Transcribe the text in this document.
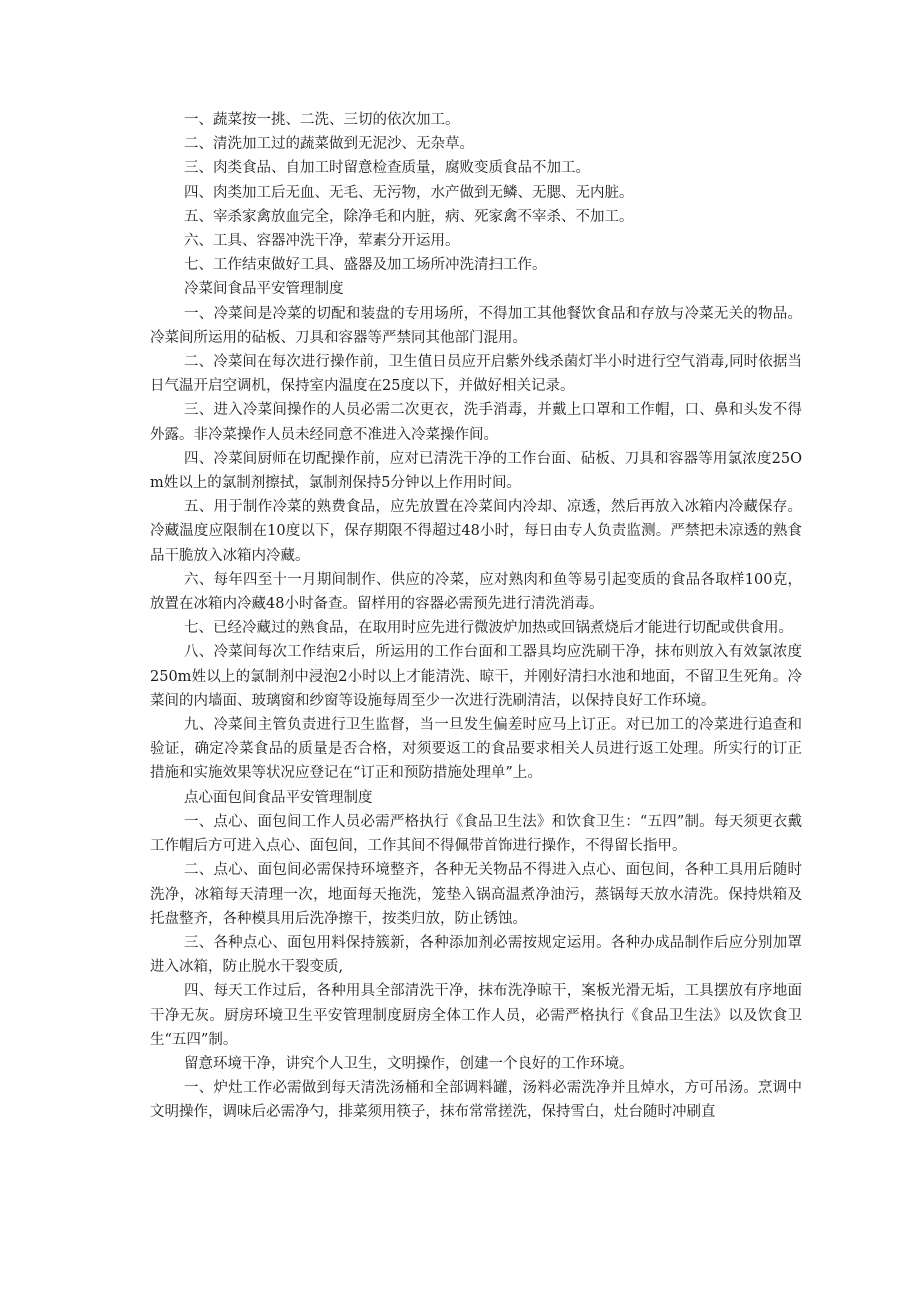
一、蔬菜按一挑、二洗、三切的依次加工。

二、清洗加工过的蔬菜做到无泥沙、无杂草。

三、肉类食品、自加工时留意检查质量，腐败变质食品不加工。

四、肉类加工后无血、无毛、无污物，水产做到无鳞、无腮、无内脏。

五、宰杀家禽放血完全，除净毛和内脏，病、死家禽不宰杀、不加工。

六、工具、容器冲洗干净，荤素分开运用。

七、工作结束做好工具、盛器及加工场所冲洗清扫工作。

冷菜间食品平安管理制度

一、冷菜间是冷菜的切配和装盘的专用场所，不得加工其他餐饮食品和存放与冷菜无关的物品。冷菜间所运用的砧板、刀具和容器等严禁同其他部门混用。

二、冷菜间在每次进行操作前，卫生值日员应开启紫外线杀菌灯半小时进行空气消毒,同时依据当日气温开启空调机，保持室内温度在25度以下，并做好相关记录。

三、进入冷菜间操作的人员必需二次更衣，洗手消毒，并戴上口罩和工作帽，口、鼻和头发不得外露。非冷菜操作人员未经同意不准进入冷菜操作间。

四、冷菜间厨师在切配操作前，应对已清洗干净的工作台面、砧板、刀具和容器等用氯浓度25Om姓以上的氯制剂擦拭，氯制剂保持5分钟以上作用时间。

五、用于制作冷菜的熟费食品，应先放置在冷菜间内冷却、凉透，然后再放入冰箱内冷藏保存。冷藏温度应限制在10度以下，保存期限不得超过48小时，每日由专人负责监测。严禁把未凉透的熟食品干脆放入冰箱内冷藏。

六、每年四至十一月期间制作、供应的冷菜，应对熟肉和鱼等易引起变质的食品各取样100克，放置在冰箱内冷藏48小时备查。留样用的容器必需预先进行清洗消毒。

七、已经冷藏过的熟食品，在取用时应先进行微波炉加热或回锅煮烧后才能进行切配或供食用。

八、冷菜间每次工作结束后，所运用的工作台面和工器具均应洗刷干净，抹布则放入有效氯浓度250m姓以上的氯制剂中浸泡2小时以上才能清洗、晾干，并刚好清扫水池和地面，不留卫生死角。冷菜间的内墙面、玻璃窗和纱窗等设施每周至少一次进行洗刷清洁，以保持良好工作环境。

九、冷菜间主管负责进行卫生监督，当一旦发生偏差时应马上订正。对已加工的冷菜进行追查和验证，确定冷菜食品的质量是否合格，对须要返工的食品要求相关人员进行返工处理。所实行的订正措施和实施效果等状况应登记在“订正和预防措施处理单”上。

点心面包间食品平安管理制度

一、点心、面包间工作人员必需严格执行《食品卫生法》和饮食卫生：“五四”制。每天须更衣戴工作帽后方可进入点心、面包间，工作其间不得佩带首饰进行操作，不得留长指甲。

二、点心、面包间必需保持环境整齐，各种无关物品不得进入点心、面包间，各种工具用后随时洗净，冰箱每天清理一次，地面每天拖洗，笼垫入锅高温煮净油污，蒸锅每天放水清洗。保持烘箱及托盘整齐，各种模具用后洗净擦干，按类归放，防止锈蚀。

三、各种点心、面包用料保持簇新，各种添加剂必需按规定运用。各种办成品制作后应分别加罩进入冰箱，防止脱水干裂变质,

四、每天工作过后，各种用具全部清洗干净，抹布洗净晾干，案板光滑无垢，工具摆放有序地面干净无灰。厨房环境卫生平安管理制度厨房全体工作人员，必需严格执行《食品卫生法》以及饮食卫生“五四”制。

留意环境干净，讲究个人卫生，文明操作，创建一个良好的工作环境。

一、炉灶工作必需做到每天清洗汤桶和全部调料罐，汤料必需洗净并且焯水，方可吊汤。烹调中文明操作，调味后必需净勺，排菜须用筷子，抹布常常搓洗，保持雪白，灶台随时冲刷直
